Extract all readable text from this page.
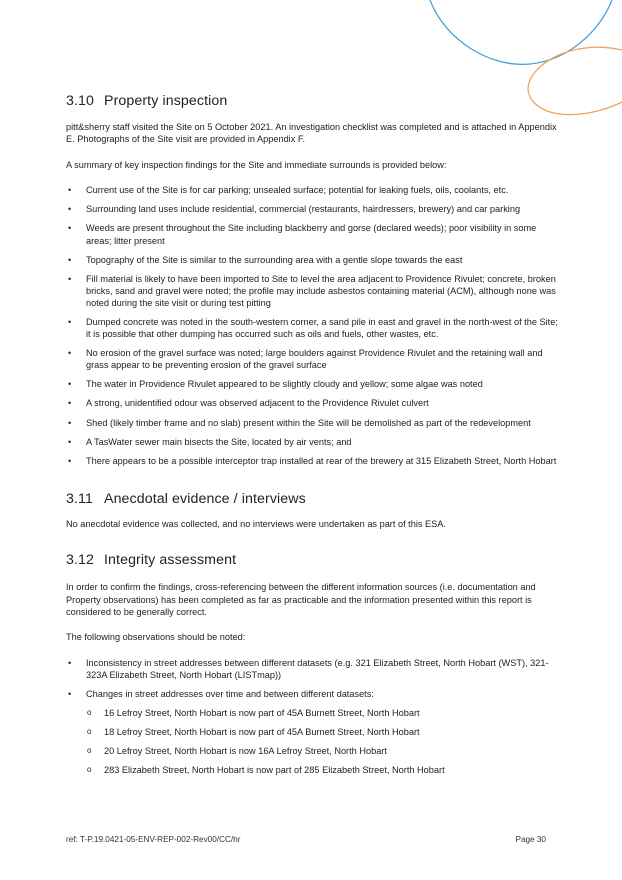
3.10 Property inspection

pitt&sherry staff visited the Site on 5 October 2021. An investigation checklist was completed and is attached in Appendix E. Photographs of the Site visit are provided in Appendix F.

A summary of key inspection findings for the Site and immediate surrounds is provided below:

• Current use of the Site is for car parking; unsealed surface; potential for leaking fuels, oils, coolants, etc.
• Surrounding land uses include residential, commercial (restaurants, hairdressers, brewery) and car parking
• Weeds are present throughout the Site including blackberry and gorse (declared weeds); poor visibility in some areas; litter present
• Topography of the Site is similar to the surrounding area with a gentle slope towards the east
• Fill material is likely to have been imported to Site to level the area adjacent to Providence Rivulet; concrete, broken bricks, sand and gravel were noted; the profile may include asbestos containing material (ACM), although none was noted during the site visit or during test pitting
• Dumped concrete was noted in the south-western corner, a sand pile in east and gravel in the north-west of the Site; it is possible that other dumping has occurred such as oils and fuels, other wastes, etc.
• No erosion of the gravel surface was noted; large boulders against Providence Rivulet and the retaining wall and grass appear to be preventing erosion of the gravel surface
• The water in Providence Rivulet appeared to be slightly cloudy and yellow; some algae was noted
• A strong, unidentified odour was observed adjacent to the Providence Rivulet culvert
• Shed (likely timber frame and no slab) present within the Site will be demolished as part of the redevelopment
• A TasWater sewer main bisects the Site, located by air vents; and
• There appears to be a possible interceptor trap installed at rear of the brewery at 315 Elizabeth Street, North Hobart
3.11 Anecdotal evidence / interviews

No anecdotal evidence was collected, and no interviews were undertaken as part of this ESA.

3.12 Integrity assessment

In order to confirm the findings, cross-referencing between the different information sources (i.e. documentation and Property observations) has been completed as far as practicable and the information presented within this report is considered to be generally correct.

The following observations should be noted:

• Inconsistency in street addresses between different datasets (e.g. 321 Elizabeth Street, North Hobart (WST), 321-323A Elizabeth Street, North Hobart (LISTmap))
• Changes in street addresses over time and between different datasets:
o 16 Lefroy Street, North Hobart is now part of 45A Burnett Street, North Hobart
o 18 Lefroy Street, North Hobart is now part of 45A Burnett Street, North Hobart
o 20 Lefroy Street, North Hobart is now 16A Lefroy Street, North Hobart
o 283 Elizabeth Street, North Hobart is now part of 285 Elizabeth Street, North Hobart
ref: T-P.19.0421-05-ENV-REP-002-Rev00/CC/hr	Page 30
